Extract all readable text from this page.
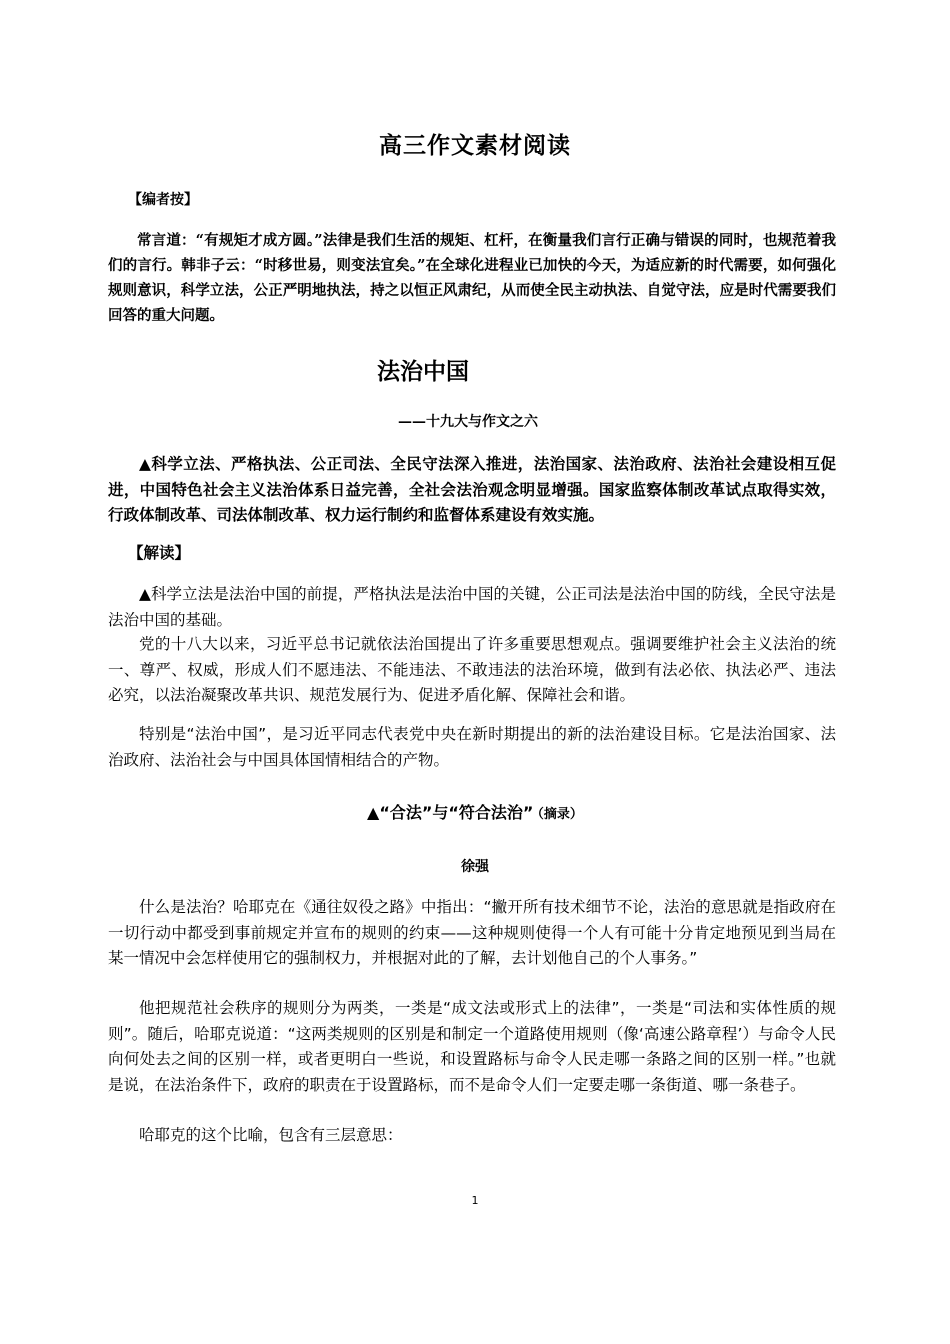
高三作文素材阅读
【编者按】

常言道：“有规矩才成方圆。”法律是我们生活的规矩、杠杆，在衡量我们言行正确与错误的同时，也规范着我们的言行。韩非子云：“时移世易，则变法宜矣。”在全球化进程业已加快的今天，为适应新的时代需要，如何强化规则意识，科学立法，公正严明地执法，持之以恒正风肃纪，从而使全民主动执法、自觉守法，应是时代需要我们回答的重大问题。

法治中国
——十九大与作文之六

▲科学立法、严格执法、公正司法、全民守法深入推进，法治国家、法治政府、法治社会建设相互促进，中国特色社会主义法治体系日益完善，全社会法治观念明显增强。国家监察体制改革试点取得实效，行政体制改革、司法体制改革、权力运行制约和监督体系建设有效实施。

【解读】

▲科学立法是法治中国的前提，严格执法是法治中国的关键，公正司法是法治中国的防线，全民守法是法治中国的基础。

党的十八大以来，习近平总书记就依法治国提出了许多重要思想观点。强调要维护社会主义法治的统一、尊严、权威，形成人们不愿违法、不能违法、不敢违法的法治环境，做到有法必依、执法必严、违法必究，以法治凝聚改革共识、规范发展行为、促进矛盾化解、保障社会和谐。

特别是“法治中国”，是习近平同志代表党中央在新时期提出的新的法治建设目标。它是法治国家、法治政府、法治社会与中国具体国情相结合的产物。

▲“合法”与“符合法治” （摘录）
徐强

什么是法治？哈耶克在《通往奴役之路》中指出：“撇开所有技术细节不论，法治的意思就是指政府在一切行动中都受到事前规定并宣布的规则的约束——这种规则使得一个人有可能十分肯定地预见到当局在某一情况中会怎样使用它的强制权力，并根据对此的了解，去计划他自己的个人事务。”

他把规范社会秩序的规则分为两类，一类是“成文法或形式上的法律”，一类是“司法和实体性质的规则”。随后，哈耶克说道：“这两类规则的区别是和制定一个道路使用规则（像‘高速公路章程’）与命令人民向何处去之间的区别一样，或者更明白一些说，和设置路标与命令人民走哪一条路之间的区别一样。”也就是说，在法治条件下，政府的职责在于设置路标，而不是命令人们一定要走哪一条街道、哪一条巷子。

哈耶克的这个比喻，包含有三层意思：

1
